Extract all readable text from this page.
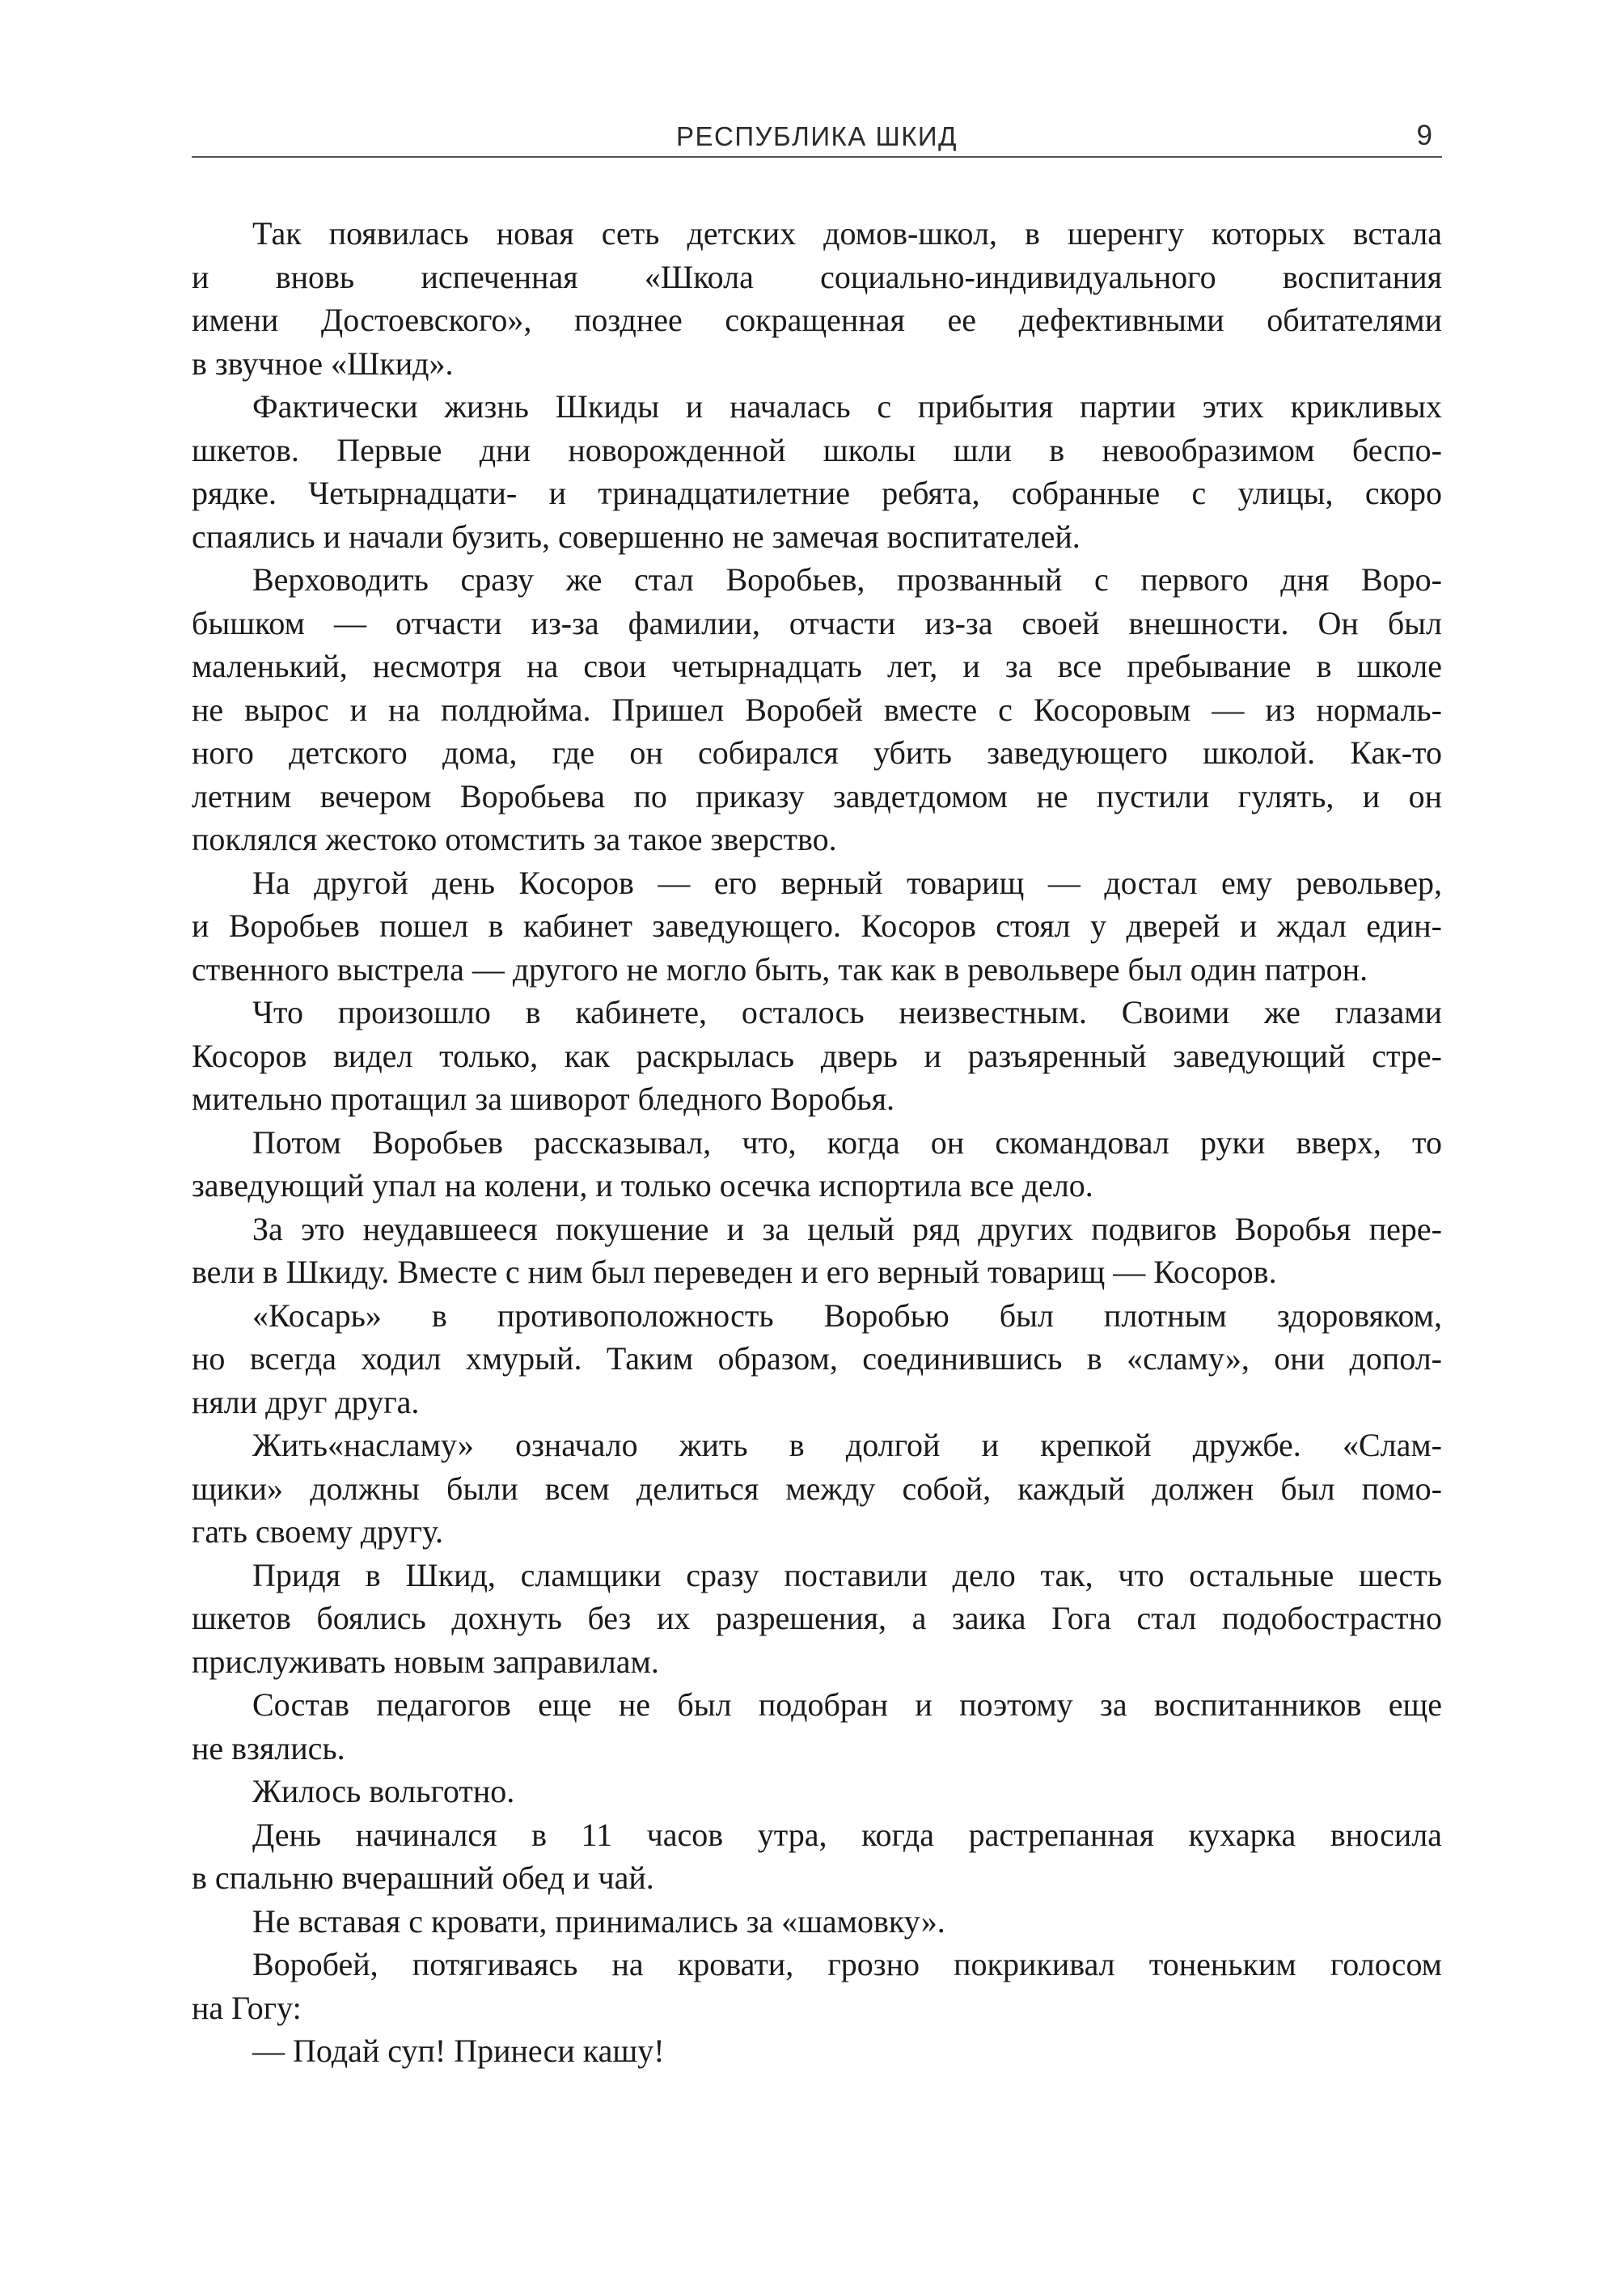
РЕСПУБЛИКА ШКИД	9

Так появилась новая сеть детских домов-школ, в шеренгу которых встала
и вновь испеченная «Школа социально-индивидуального воспитания
имени Достоевского», позднее сокращенная ее дефективными обитателями
в звучное «Шкид».

Фактически жизнь Шкиды и началась с прибытия партии этих крикливых
шкетов. Первые дни новорожденной школы шли в невообразимом беспо-
рядке. Четырнадцати- и тринадцатилетние ребята, собранные с улицы, скоро
спаялись и начали бузить, совершенно не замечая воспитателей.

Верховодить сразу же стал Воробьев, прозванный с первого дня Воро-
бышком — отчасти из-за фамилии, отчасти из-за своей внешности. Он был
маленький, несмотря на свои четырнадцать лет, и за все пребывание в школе
не вырос и на полдюйма. Пришел Воробей вместе с Косоровым — из нормаль-
ного детского дома, где он собирался убить заведующего школой. Как-то
летним вечером Воробьева по приказу завдетдомом не пустили гулять, и он
поклялся жестоко отомстить за такое зверство.

На другой день Косоров — его верный товарищ — достал ему револьвер,
и Воробьев пошел в кабинет заведующего. Косоров стоял у дверей и ждал един-
ственного выстрела — другого не могло быть, так как в револьвере был один патрон.

Что произошло в кабинете, осталось неизвестным. Своими же глазами
Косоров видел только, как раскрылась дверь и разъяренный заведующий стре-
мительно протащил за шиворот бледного Воробья.

Потом Воробьев рассказывал, что, когда он скомандовал руки вверх, то
заведующий упал на колени, и только осечка испортила все дело.

За это неудавшееся покушение и за целый ряд других подвигов Воробья пере-
вели в Шкиду. Вместе с ним был переведен и его верный товарищ — Косоров.

«Косарь» в противоположность Воробью был плотным здоровяком,
но всегда ходил хмурый. Таким образом, соединившись в «сламу», они допол-
няли друг друга.

Жить«насламу» означало жить в долгой и крепкой дружбе. «Слам-
щики» должны были всем делиться между собой, каждый должен был помо-
гать своему другу.

Придя в Шкид, сламщики сразу поставили дело так, что остальные шесть
шкетов боялись дохнуть без их разрешения, а заика Гога стал подобострастно
прислуживать новым заправилам.

Состав педагогов еще не был подобран и поэтому за воспитанников еще
не взялись.

Жилось вольготно.

День начинался в 11 часов утра, когда растрепанная кухарка вносила
в спальню вчерашний обед и чай.

Не вставая с кровати, принимались за «шамовку».

Воробей, потягиваясь на кровати, грозно покрикивал тоненьким голосом
на Гогу:

— Подай суп! Принеси кашу!
